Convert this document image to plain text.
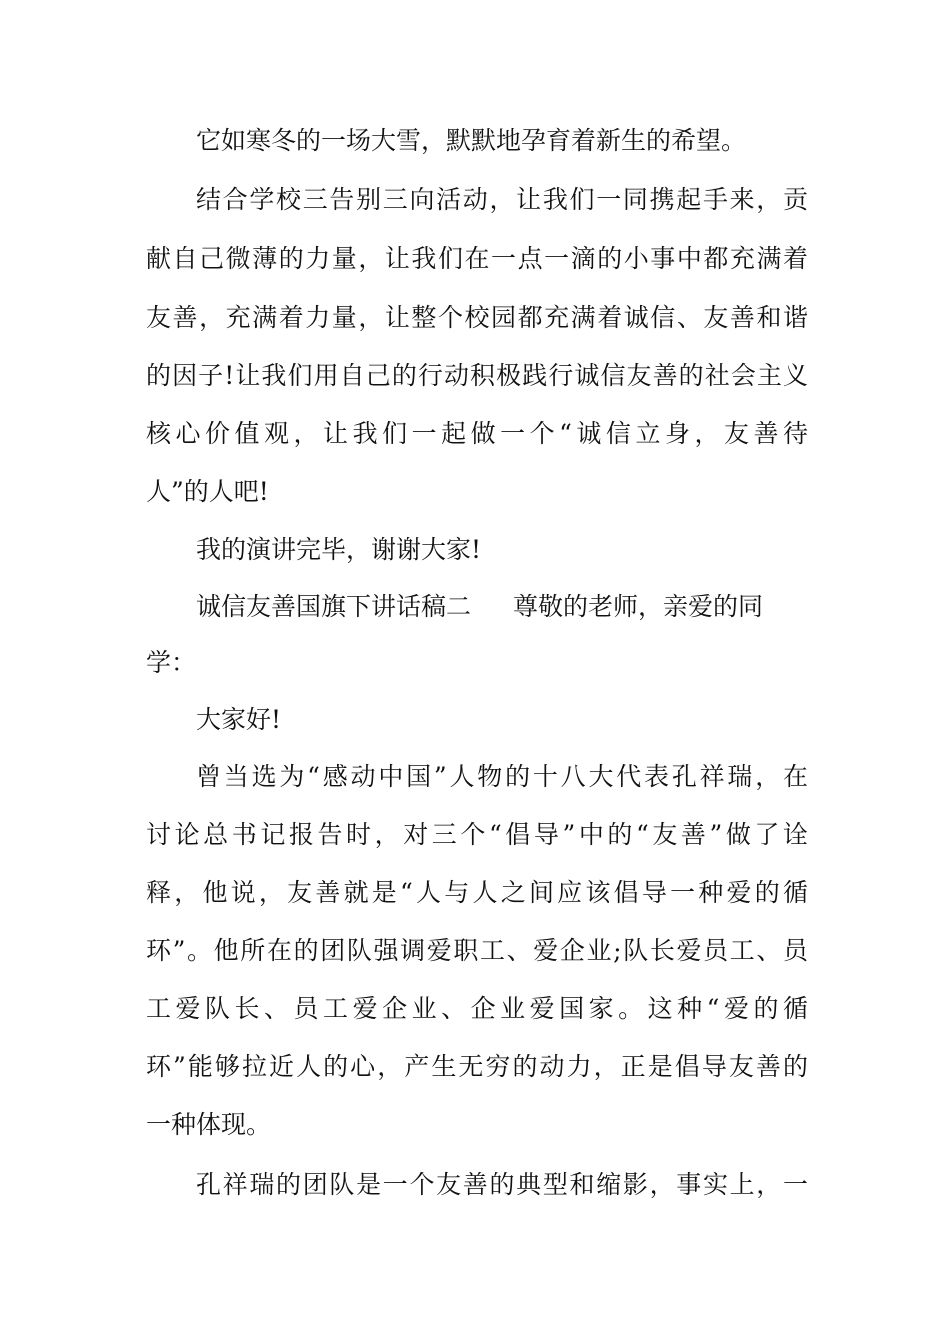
它如寒冬的一场大雪，默默地孕育着新生的希望。
结合学校三告别三向活动，让我们一同携起手来，贡
献自己微薄的力量，让我们在一点一滴的小事中都充满着
友善，充满着力量，让整个校园都充满着诚信、友善和谐
的因子!让我们用自己的行动积极践行诚信友善的社会主义
核心价值观，让我们一起做一个“诚信立身，友善待
人”的人吧!
我的演讲完毕，谢谢大家!
诚信友善国旗下讲话稿二 尊敬的老师，亲爱的同
学：
大家好!
曾当选为“感动中国”人物的十八大代表孔祥瑞，在
讨论总书记报告时，对三个“倡导”中的“友善”做了诠
释，他说，友善就是“人与人之间应该倡导一种爱的循
环”。他所在的团队强调爱职工、爱企业;队长爱员工、员
工爱队长、员工爱企业、企业爱国家。这种“爱的循
环”能够拉近人的心，产生无穷的动力，正是倡导友善的
一种体现。
孔祥瑞的团队是一个友善的典型和缩影，事实上，一
